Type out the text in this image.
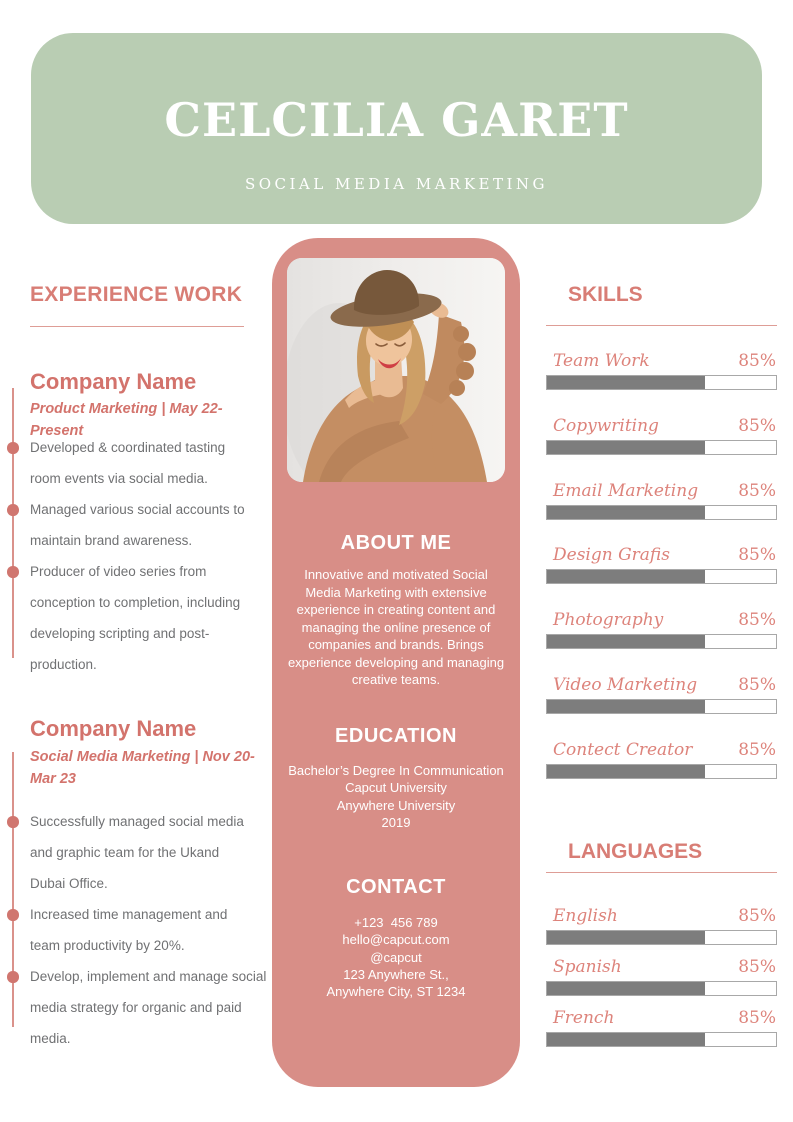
CELCILIA GARET
SOCIAL MEDIA MARKETING
EXPERIENCE WORK
Company Name
Product Marketing | May 22-Present
Developed & coordinated tasting room events via social media.
Managed various social accounts to maintain brand awareness.
Producer of video series from conception to completion, including developing scripting and post-production.
Company Name
Social Media Marketing | Nov 20-Mar 23
Successfully managed social media and graphic team for the Ukand Dubai Office.
Increased time management and team productivity by 20%.
Develop, implement and manage social media strategy for organic and paid media.
ABOUT ME
Innovative and motivated Social Media Marketing with extensive experience in creating content and managing the online presence of companies and brands. Brings experience developing and managing creative teams.
EDUCATION
Bachelor’s Degree In Communication
Capcut University
Anywhere University
2019
CONTACT
+123  456 789
hello@capcut.com
@capcut
123 Anywhere St.,
Anywhere City, ST 1234
SKILLS
Team Work	85%
Copywriting	85%
Email Marketing 85%
Design Grafis	85%
Photography	85%
Video Marketing 85%
Contect Creator	85%
LANGUAGES
English	85%
Spanish	85%
French	85%
